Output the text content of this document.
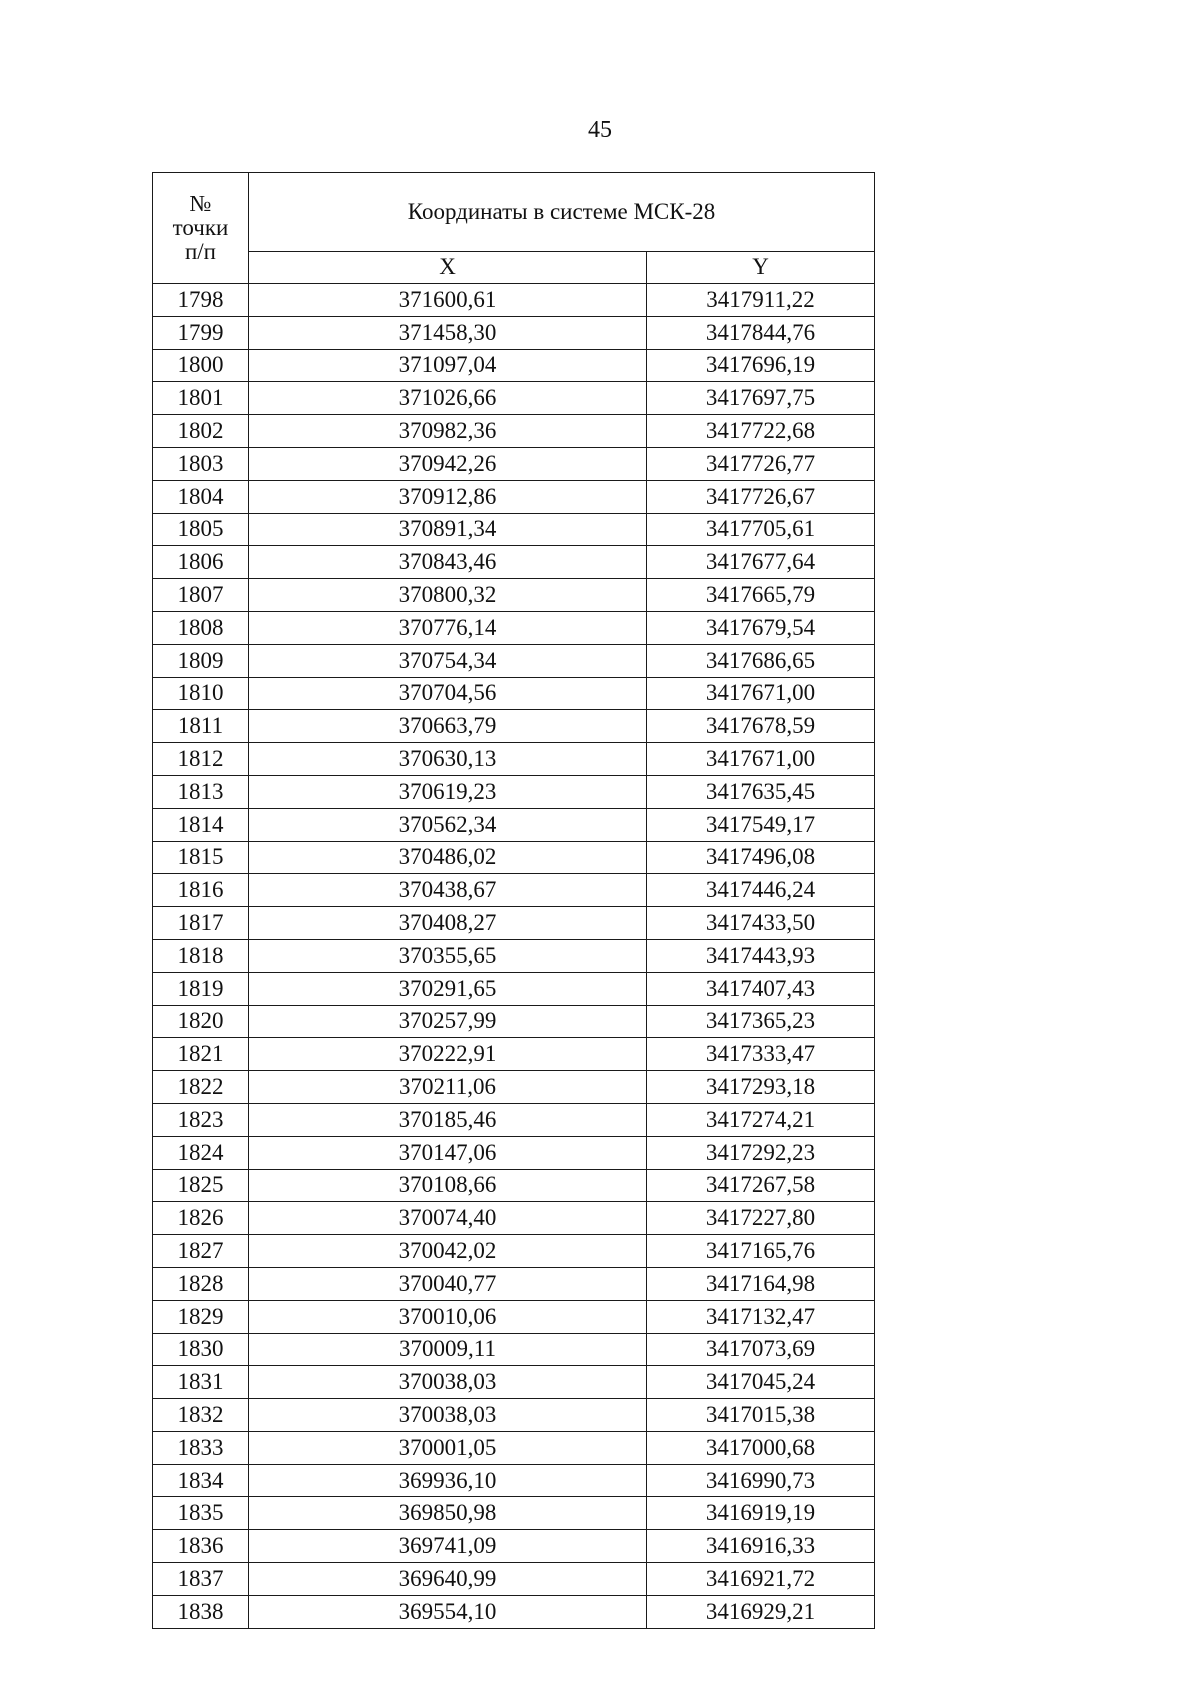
45
№
точки
п/п	Координаты в системе МСК-28	
	X	Y
1798	371600,61	3417911,22
1799	371458,30	3417844,76
1800	371097,04	3417696,19
1801	371026,66	3417697,75
1802	370982,36	3417722,68
1803	370942,26	3417726,77
1804	370912,86	3417726,67
1805	370891,34	3417705,61
1806	370843,46	3417677,64
1807	370800,32	3417665,79
1808	370776,14	3417679,54
1809	370754,34	3417686,65
1810	370704,56	3417671,00
1811	370663,79	3417678,59
1812	370630,13	3417671,00
1813	370619,23	3417635,45
1814	370562,34	3417549,17
1815	370486,02	3417496,08
1816	370438,67	3417446,24
1817	370408,27	3417433,50
1818	370355,65	3417443,93
1819	370291,65	3417407,43
1820	370257,99	3417365,23
1821	370222,91	3417333,47
1822	370211,06	3417293,18
1823	370185,46	3417274,21
1824	370147,06	3417292,23
1825	370108,66	3417267,58
1826	370074,40	3417227,80
1827	370042,02	3417165,76
1828	370040,77	3417164,98
1829	370010,06	3417132,47
1830	370009,11	3417073,69
1831	370038,03	3417045,24
1832	370038,03	3417015,38
1833	370001,05	3417000,68
1834	369936,10	3416990,73
1835	369850,98	3416919,19
1836	369741,09	3416916,33
1837	369640,99	3416921,72
1838	369554,10	3416929,21
